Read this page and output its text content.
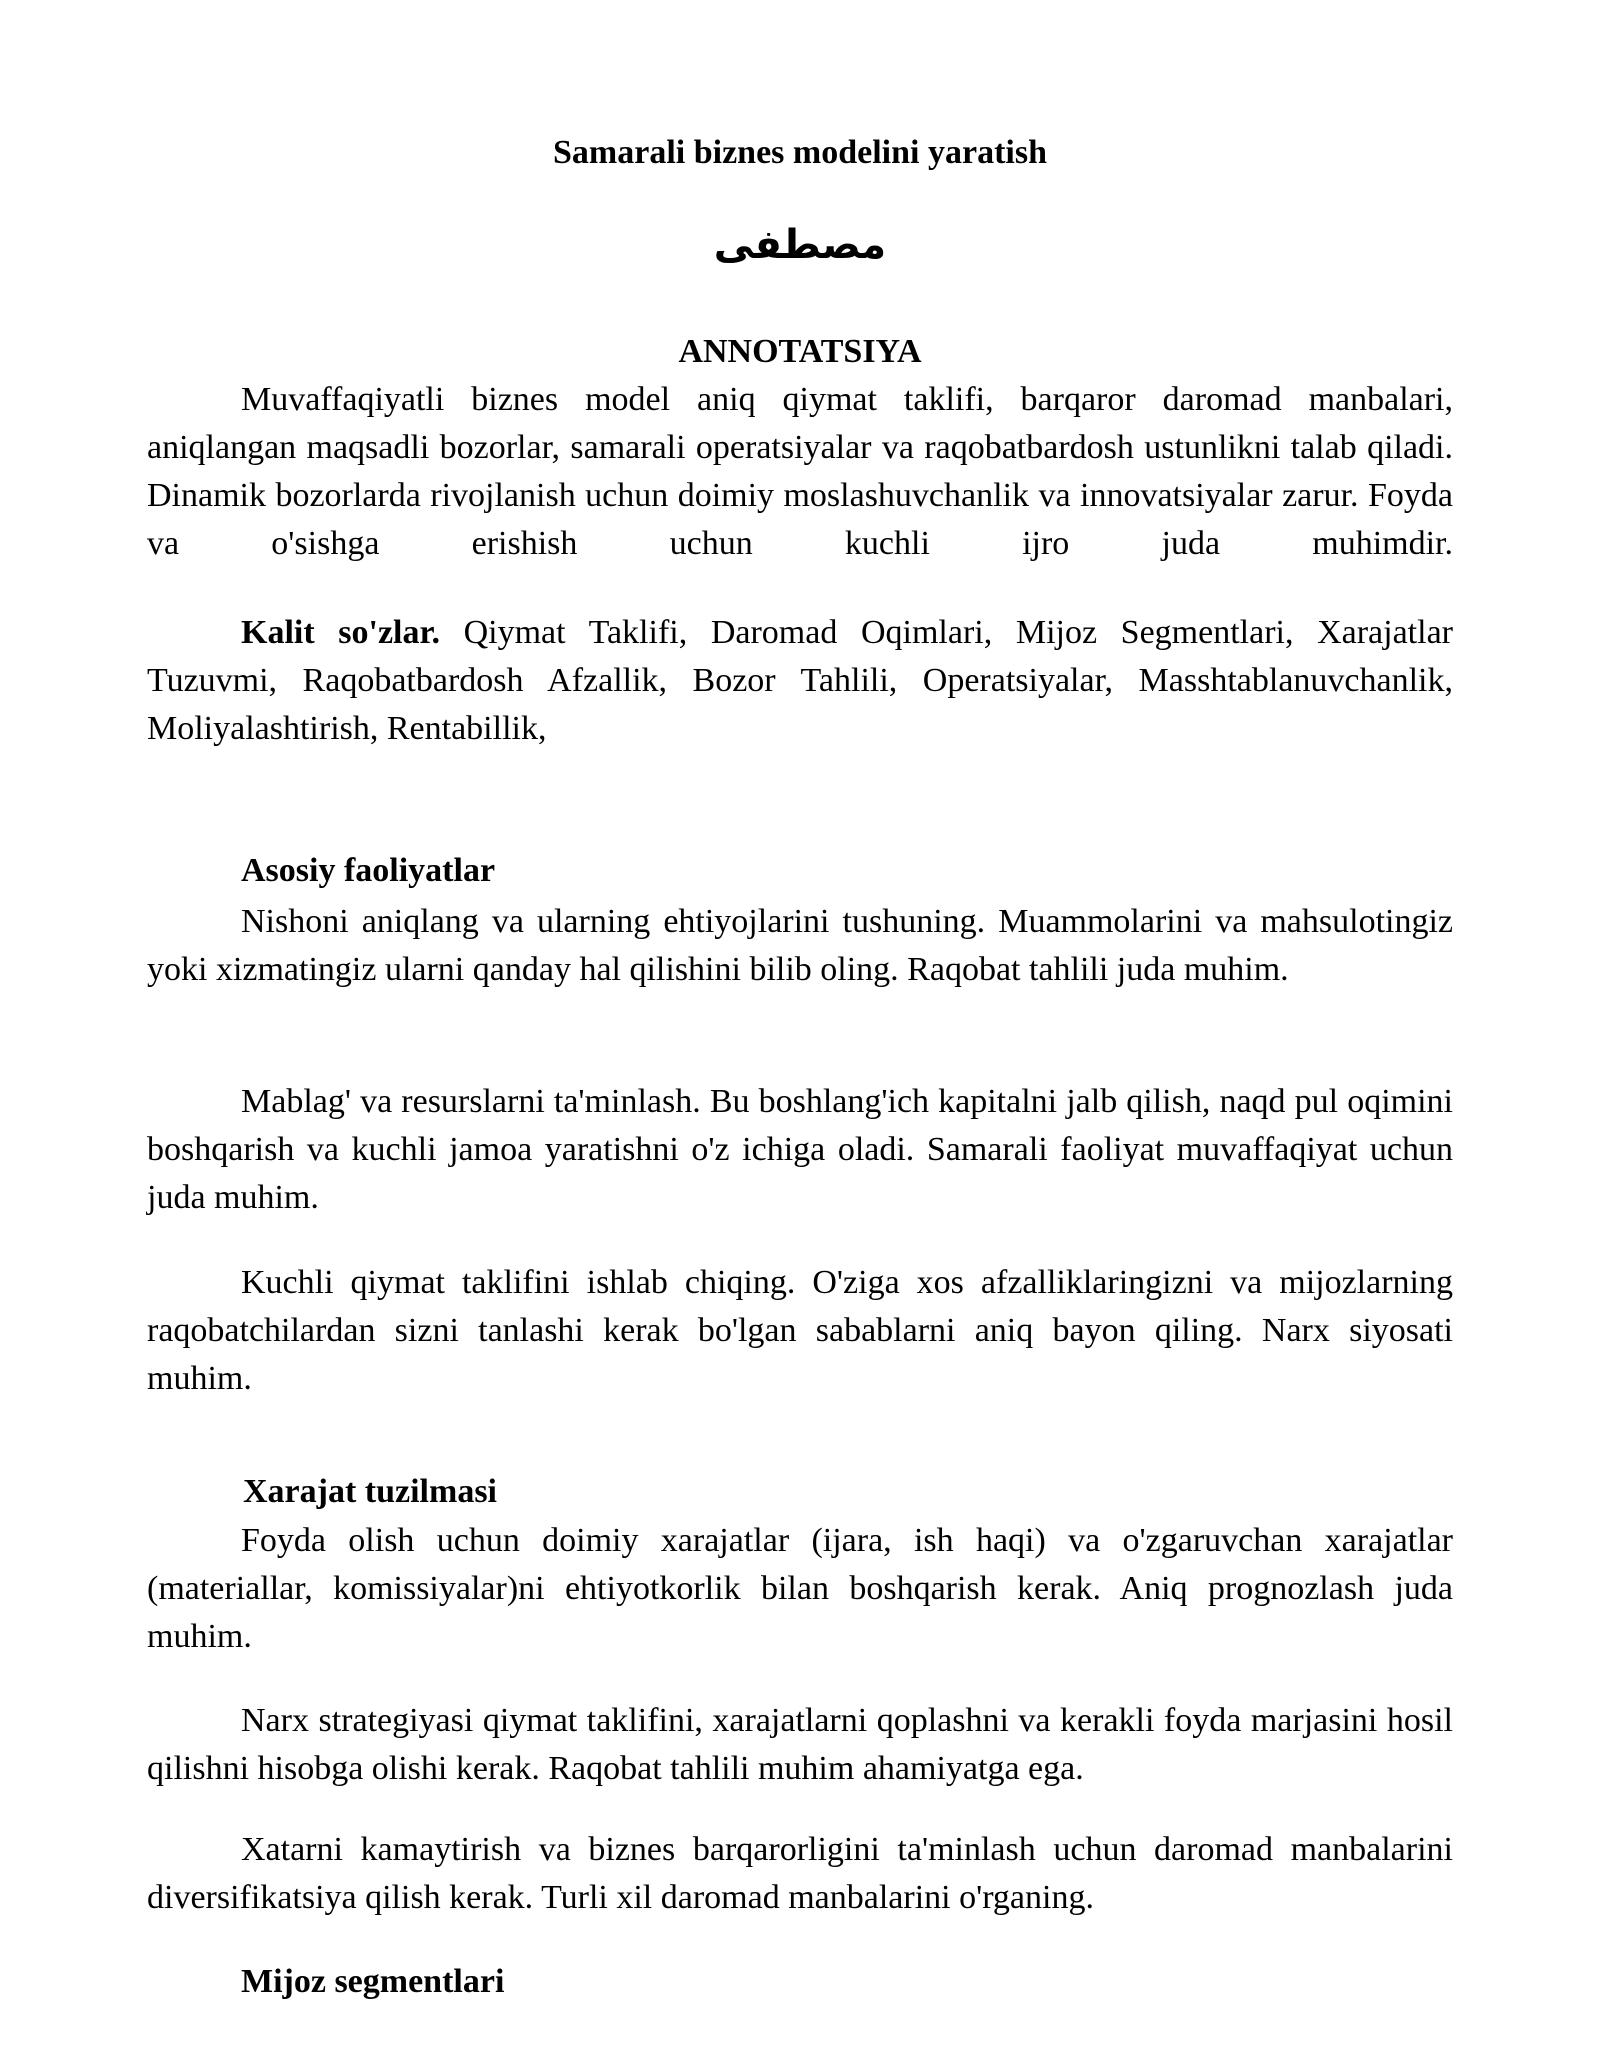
Samarali biznes modelini yaratish
مصطفى
ANNOTATSIYA

Muvaffaqiyatli biznes model aniq qiymat taklifi, barqaror daromad manbalari, aniqlangan maqsadli bozorlar, samarali operatsiyalar va raqobatbardosh ustunlikni talab qiladi. Dinamik bozorlarda rivojlanish uchun doimiy moslashuvchanlik va innovatsiyalar zarur. Foyda va o'sishga erishish uchun kuchli ijro juda muhimdir.

Kalit so'zlar. Qiymat Taklifi, Daromad Oqimlari, Mijoz Segmentlari, Xarajatlar Tuzuvmi, Raqobatbardosh Afzallik, Bozor Tahlili, Operatsiyalar, Masshtablanuvchanlik, Moliyalashtirish, Rentabillik,

Asosiy faoliyatlar

Nishoni aniqlang va ularning ehtiyojlarini tushuning. Muammolarini va mahsulotingiz yoki xizmatingiz ularni qanday hal qilishini bilib oling. Raqobat tahlili juda muhim.

Mablag' va resurslarni ta'minlash. Bu boshlang'ich kapitalni jalb qilish, naqd pul oqimini boshqarish va kuchli jamoa yaratishni o'z ichiga oladi. Samarali faoliyat muvaffaqiyat uchun juda muhim.

Kuchli qiymat taklifini ishlab chiqing. O'ziga xos afzalliklaringizni va mijozlarning raqobatchilardan sizni tanlashi kerak bo'lgan sabablarni aniq bayon qiling. Narx siyosati muhim.

Xarajat tuzilmasi

Foyda olish uchun doimiy xarajatlar (ijara, ish haqi) va o'zgaruvchan xarajatlar (materiallar, komissiyalar)ni ehtiyotkorlik bilan boshqarish kerak. Aniq prognozlash juda muhim.

Narx strategiyasi qiymat taklifini, xarajatlarni qoplashni va kerakli foyda marjasini hosil qilishni hisobga olishi kerak. Raqobat tahlili muhim ahamiyatga ega.

Xatarni kamaytirish va biznes barqarorligini ta'minlash uchun daromad manbalarini diversifikatsiya qilish kerak. Turli xil daromad manbalarini o'rganing.

Mijoz segmentlari
